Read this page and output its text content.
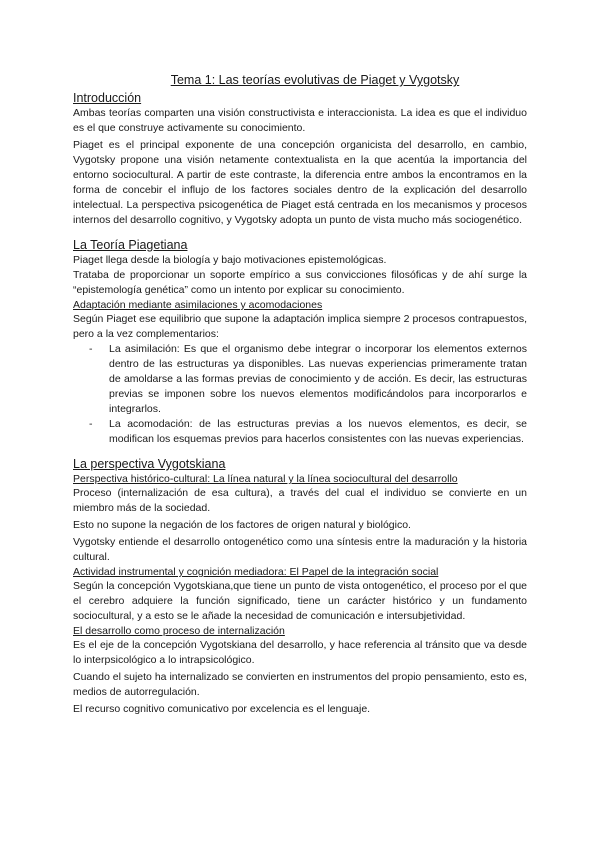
Tema 1: Las teorías evolutivas de Piaget y Vygotsky
Introducción

Ambas teorías comparten una visión constructivista e interaccionista. La idea es que el individuo es el que construye activamente su conocimiento.

Piaget es el principal exponente de una concepción organicista del desarrollo, en cambio, Vygotsky propone una visión netamente contextualista en la que acentúa la importancia del entorno sociocultural. A partir de este contraste, la diferencia entre ambos la encontramos en la forma de concebir el influjo de los factores sociales dentro de la explicación del desarrollo intelectual. La perspectiva psicogenética de Piaget está centrada en los mecanismos y procesos internos del desarrollo cognitivo, y Vygotsky adopta un punto de vista mucho más sociogenético.

La Teoría Piagetiana

Piaget llega desde la biología y bajo motivaciones epistemológicas.

Trataba de proporcionar un soporte empírico a sus convicciones filosóficas y de ahí surge la “epistemología genética” como un intento por explicar su conocimiento.

Adaptación mediante asimilaciones y acomodaciones

Según Piaget ese equilibrio que supone la adaptación implica siempre 2 procesos contrapuestos, pero a la vez complementarios:

- La asimilación: Es que el organismo debe integrar o incorporar los elementos externos dentro de las estructuras ya disponibles. Las nuevas experiencias primeramente tratan de amoldarse a las formas previas de conocimiento y de acción. Es decir, las estructuras previas se imponen sobre los nuevos elementos modificándolos para incorporarlos e integrarlos.
- La acomodación: de las estructuras previas a los nuevos elementos, es decir, se modifican los esquemas previos para hacerlos consistentes con las nuevas experiencias.
La perspectiva Vygotskiana
Perspectiva histórico-cultural: La línea natural y la línea sociocultural del desarrollo

Proceso (internalización de esa cultura), a través del cual el individuo se convierte en un miembro más de la sociedad.

Esto no supone la negación de los factores de origen natural y biológico.

Vygotsky entiende el desarrollo ontogenético como una síntesis entre la maduración y la historia cultural.

Actividad instrumental y cognición mediadora: El Papel de la integración social

Según la concepción Vygotskiana,que tiene un punto de vista ontogenético, el proceso por el que el cerebro adquiere la función significado, tiene un carácter histórico y un fundamento sociocultural, y a esto se le añade la necesidad de comunicación e intersubjetividad.

El desarrollo como proceso de internalización

Es el eje de la concepción Vygotskiana del desarrollo, y hace referencia al tránsito que va desde lo interpsicológico a lo intrapsicológico.

Cuando el sujeto ha internalizado se convierten en instrumentos del propio pensamiento, esto es, medios de autorregulación.

El recurso cognitivo comunicativo por excelencia es el lenguaje.
